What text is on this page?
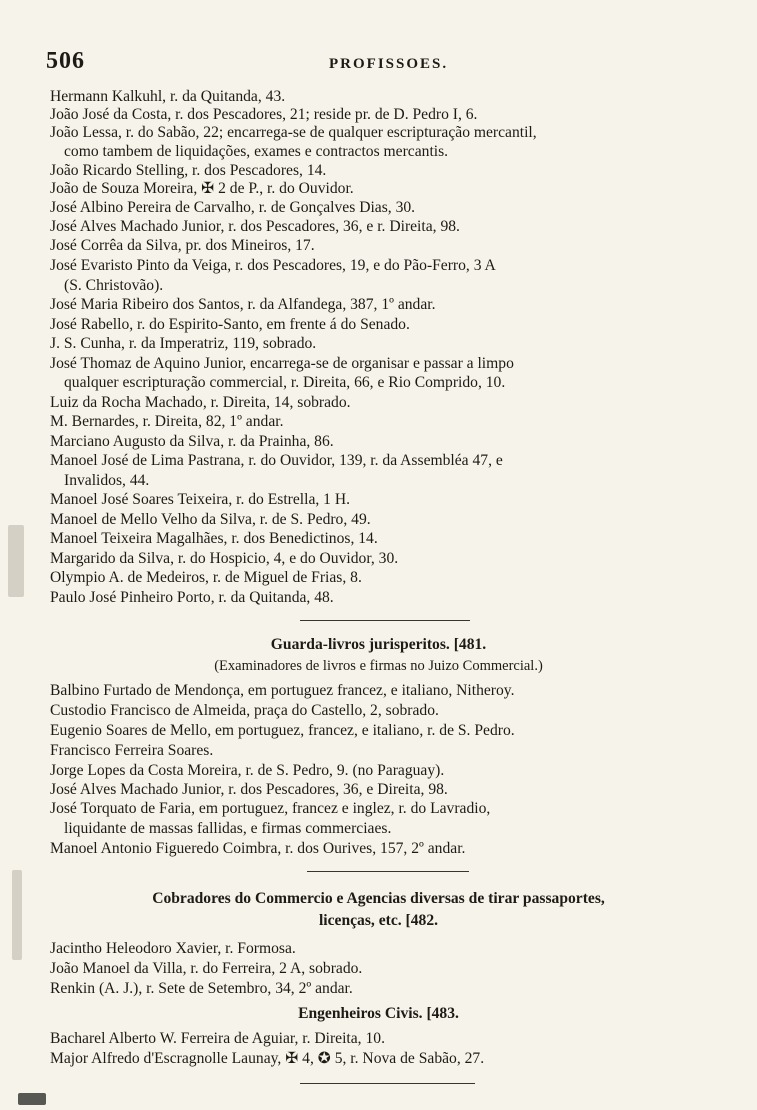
506	PROFISSOES.
Hermann Kalkuhl, r. da Quitanda, 43.
João José da Costa, r. dos Pescadores, 21; reside pr. de D. Pedro I, 6.
João Lessa, r. do Sabão, 22; encarrega-se de qualquer escripturação mercantil,
como tambem de liquidações, exames e contractos mercantis.
João Ricardo Stelling, r. dos Pescadores, 14.
João de Souza Moreira, ✠ 2 de P., r. do Ouvidor.
José Albino Pereira de Carvalho, r. de Gonçalves Dias, 30.
José Alves Machado Junior, r. dos Pescadores, 36, e r. Direita, 98.
José Corrêa da Silva, pr. dos Mineiros, 17.
José Evaristo Pinto da Veiga, r. dos Pescadores, 19, e do Pão-Ferro, 3 A
(S. Christovão).
José Maria Ribeiro dos Santos, r. da Alfandega, 387, 1º andar.
José Rabello, r. do Espirito-Santo, em frente á do Senado.
J. S. Cunha, r. da Imperatriz, 119, sobrado.
José Thomaz de Aquino Junior, encarrega-se de organisar e passar a limpo
qualquer escripturação commercial, r. Direita, 66, e Rio Comprido, 10.
Luiz da Rocha Machado, r. Direita, 14, sobrado.
M. Bernardes, r. Direita, 82, 1º andar.
Marciano Augusto da Silva, r. da Prainha, 86.
Manoel José de Lima Pastrana, r. do Ouvidor, 139, r. da Assembléa 47, e
Invalidos, 44.
Manoel José Soares Teixeira, r. do Estrella, 1 H.
Manoel de Mello Velho da Silva, r. de S. Pedro, 49.
Manoel Teixeira Magalhães, r. dos Benedictinos, 14.
Margarido da Silva, r. do Hospicio, 4, e do Ouvidor, 30.
Olympio A. de Medeiros, r. de Miguel de Frias, 8.
Paulo José Pinheiro Porto, r. da Quitanda, 48.
Guarda-livros jurisperitos. [481.
(Examinadores de livros e firmas no Juizo Commercial.)
Balbino Furtado de Mendonça, em portuguez francez, e italiano, Nitheroy.
Custodio Francisco de Almeida, praça do Castello, 2, sobrado.
Eugenio Soares de Mello, em portuguez, francez, e italiano, r. de S. Pedro.
Francisco Ferreira Soares.
Jorge Lopes da Costa Moreira, r. de S. Pedro, 9. (no Paraguay).
José Alves Machado Junior, r. dos Pescadores, 36, e Direita, 98.
José Torquato de Faria, em portuguez, francez e inglez, r. do Lavradio,
liquidante de massas fallidas, e firmas commerciaes.
Manoel Antonio Figueredo Coimbra, r. dos Ourives, 157, 2º andar.
Cobradores do Commercio e Agencias diversas de tirar passaportes,
licenças, etc. [482.
Jacintho Heleodoro Xavier, r. Formosa.
João Manoel da Villa, r. do Ferreira, 2 A, sobrado.
Renkin (A. J.), r. Sete de Setembro, 34, 2º andar.
Engenheiros Civis. [483.
Bacharel Alberto W. Ferreira de Aguiar, r. Direita, 10.
Major Alfredo d'Escragnolle Launay, ✠ 4, ✪ 5, r. Nova de Sabão, 27.
